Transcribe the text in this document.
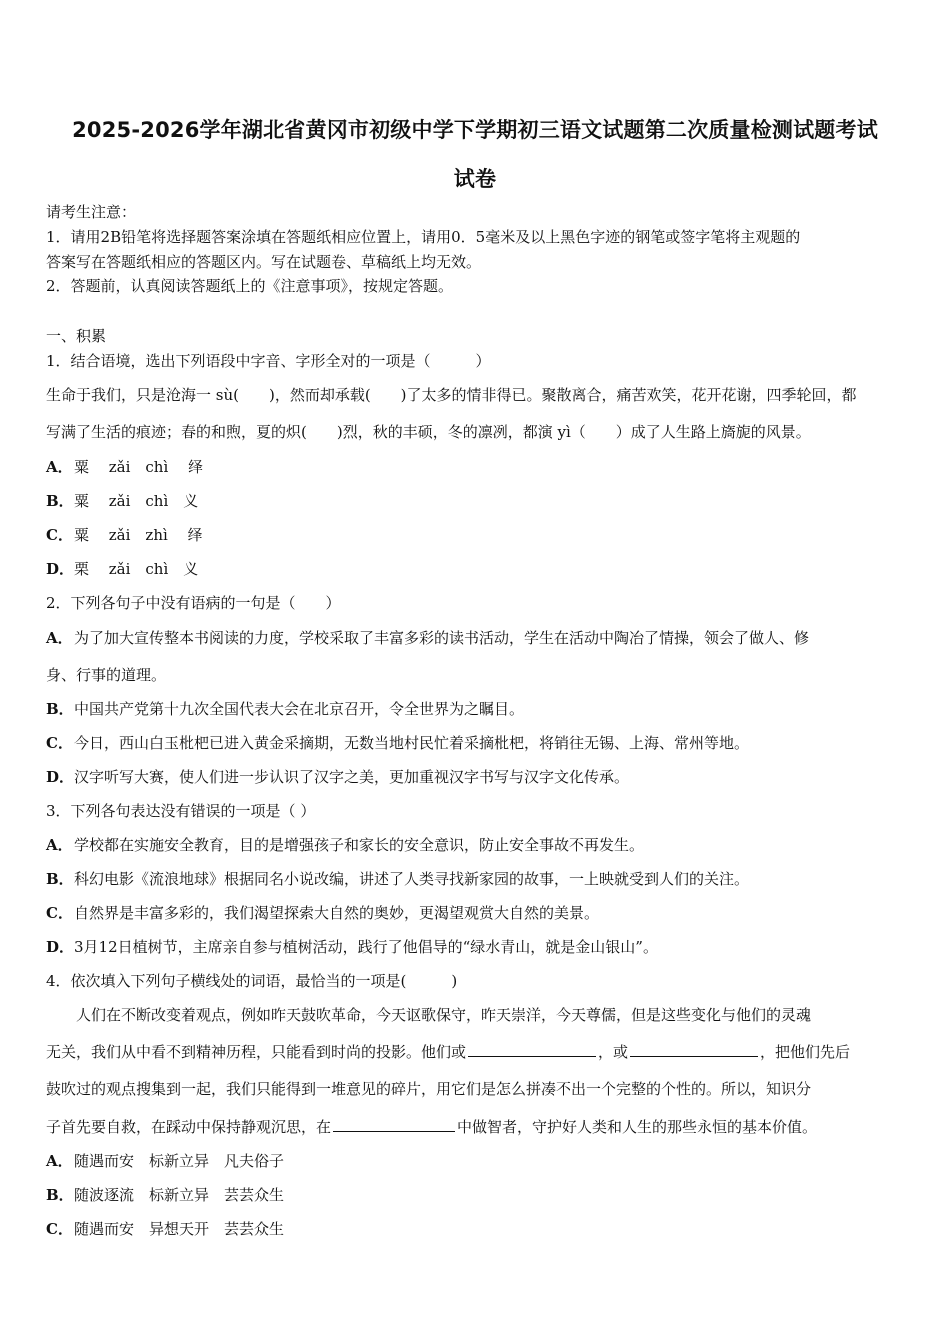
2025-2026学年湖北省黄冈市初级中学下学期初三语文试题第二次质量检测试题考试
试卷
请考生注意：
1．请用2B铅笔将选择题答案涂填在答题纸相应位置上，请用0．5毫米及以上黑色字迹的钢笔或签字笔将主观题的
答案写在答题纸相应的答题区内。写在试题卷、草稿纸上均无效。
2．答题前，认真阅读答题纸上的《注意事项》，按规定答题。
一、积累
1．结合语境，选出下列语段中字音、字形全对的一项是（　　　）
生命于我们，只是沧海一 sù(　　)，然而却承载(　　)了太多的情非得已。聚散离合，痛苦欢笑，花开花谢，四季轮回，都
写满了生活的痕迹；春的和煦，夏的炽(　　)烈，秋的丰硕，冬的凛冽，都演 yì（　　）成了人生路上旖旎的风景。
A．粟　 zǎi　chì　 绎
B．粟　 zǎi　chì　义
C．粟　 zǎi　zhì　 绎
D．栗　 zǎi　chì　义
2．下列各句子中没有语病的一句是（　　）
A．为了加大宣传整本书阅读的力度，学校采取了丰富多彩的读书活动，学生在活动中陶冶了情操，领会了做人、修
身、行事的道理。
B．中国共产党第十九次全国代表大会在北京召开，令全世界为之瞩目。
C．今日，西山白玉枇杷已进入黄金采摘期，无数当地村民忙着采摘枇杷，将销往无锡、上海、常州等地。
D．汉字听写大赛，使人们进一步认识了汉字之美，更加重视汉字书写与汉字文化传承。
3．下列各句表达没有错误的一项是（ ）
A．学校都在实施安全教育，目的是增强孩子和家长的安全意识，防止安全事故不再发生。
B．科幻电影《流浪地球》根据同名小说改编，讲述了人类寻找新家园的故事，一上映就受到人们的关注。
C．自然界是丰富多彩的，我们渴望探索大自然的奥妙，更渴望观赏大自然的美景。
D．3月12日植树节，主席亲自参与植树活动，践行了他倡导的“绿水青山，就是金山银山”。
4．依次填入下列句子横线处的词语，最恰当的一项是(　　　)
　　人们在不断改变着观点，例如昨天鼓吹革命，今天讴歌保守，昨天崇洋，今天尊儒，但是这些变化与他们的灵魂
无关，我们从中看不到精神历程，只能看到时尚的投影。他们或	，或	，把他们先后
鼓吹过的观点搜集到一起，我们只能得到一堆意见的碎片，用它们是怎么拼凑不出一个完整的个性的。所以，知识分
子首先要自救，在踩动中保持静观沉思，在	中做智者，守护好人类和人生的那些永恒的基本价值。
A．随遇而安　标新立异　凡夫俗子
B．随波逐流　标新立异　芸芸众生
C．随遇而安　异想天开　芸芸众生
